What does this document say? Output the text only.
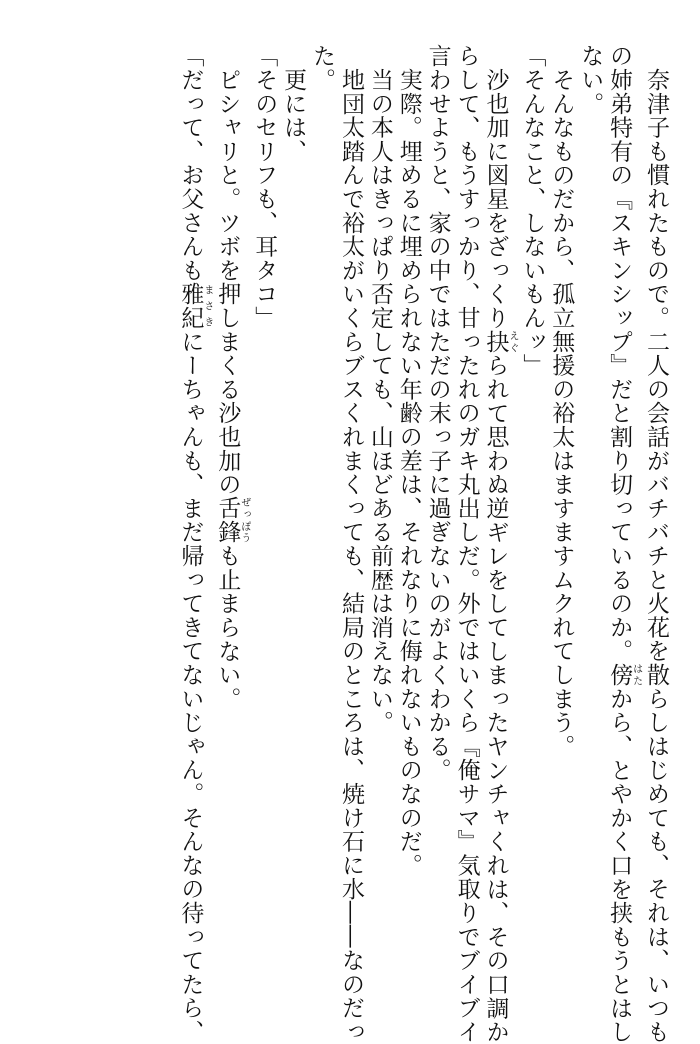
　奈津子も慣れたもので。二人の会話がバチバチと火花を散らしはじめても、それは、いつも
の姉弟特有の『スキンシップ』だと割り切っているのか。傍はたから、とやかく口を挟もうとはし
ない。
　そんなものだから、孤立無援の裕太はますますムクれてしまう。
「そんなこと、しないもんッ」
　沙也加に図星をざっくり抉えぐられて思わぬ逆ギレをしてしまったヤンチャくれは、その口調か
らして、もうすっかり、甘ったれのガキ丸出しだ。外ではいくら『俺サマ』気取りでブイブイ
言わせようと、家の中ではただの末っ子に過ぎないのがよくわかる。
　実際。埋めるに埋められない年齢の差は、それなりに侮れないものなのだ。
　当の本人はきっぱり否定しても、山ほどある前歴は消えない。
　地団太踏んで裕太がいくらブスくれまくっても、結局のところは、焼け石に水――なのだっ
た。
　更には、
「そのセリフも、耳タコ」
　ピシャリと。ツボを押しまくる沙也加の舌鋒ぜっぽうも止まらない。
「だって、お父さんも雅紀まさきにーちゃんも、まだ帰ってきてないじゃん。そんなの待ってたら、
